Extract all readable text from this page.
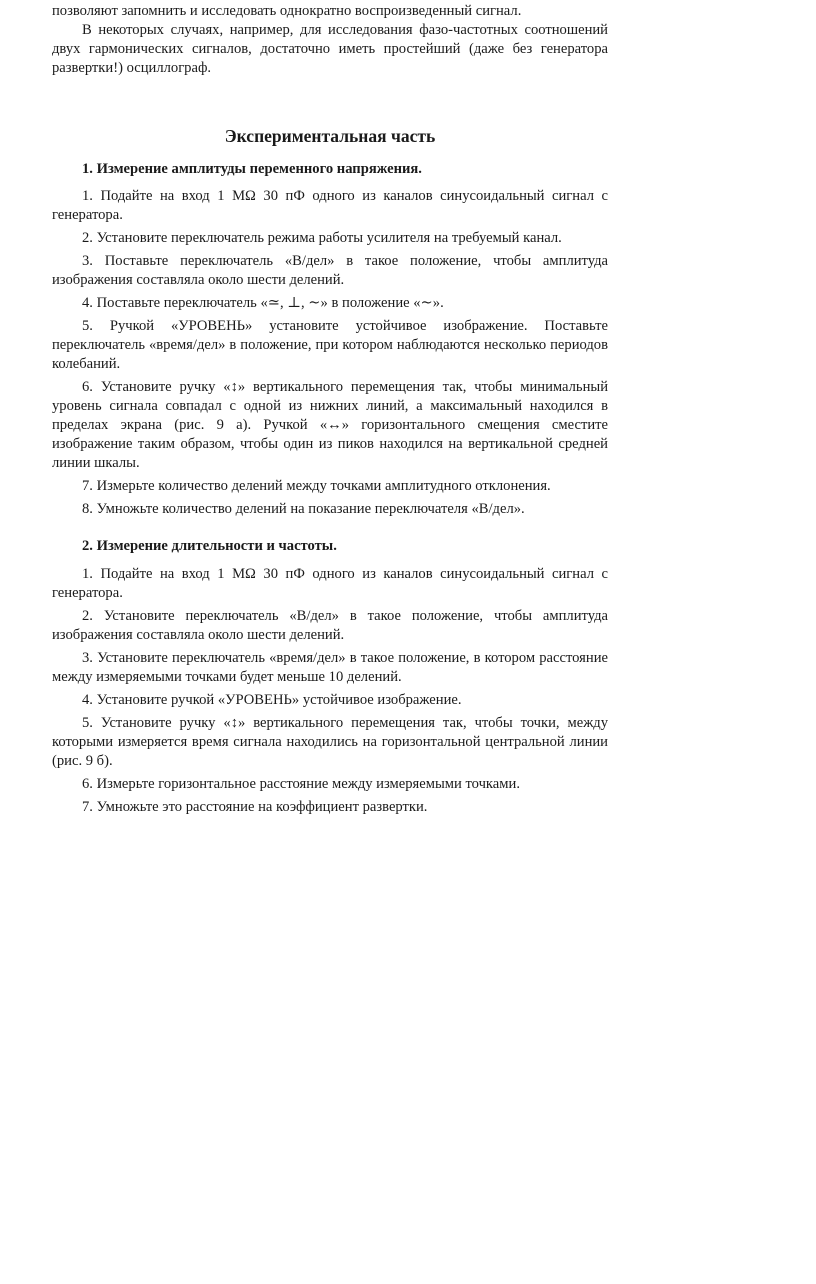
позволяют запомнить и исследовать однократно воспроизведенный сигнал.

В некоторых случаях, например, для исследования фазо-частотных соотношений двух гармонических сигналов, достаточно иметь простейший (даже без генератора развертки!) осциллограф.

Экспериментальная часть
1. Измерение амплитуды переменного напряжения.

1. Подайте на вход 1 MΩ 30 пФ одного из каналов синусоидальный сигнал с генератора.

2. Установите переключатель режима работы усилителя на требуемый канал.

3. Поставьте переключатель «В/дел» в такое положение, чтобы амплитуда изображения составляла около шести делений.

4. Поставьте переключатель «≃, ⊥, ∼» в положение «∼».

5. Ручкой «УРОВЕНЬ» установите устойчивое изображение. Поставьте переключатель «время/дел» в положение, при котором наблюдаются несколько периодов колебаний.

6. Установите ручку «↕» вертикального перемещения так, чтобы минимальный уровень сигнала совпадал с одной из нижних линий, а максимальный находился в пределах экрана (рис. 9 а). Ручкой «↔» горизонтального смещения сместите изображение таким образом, чтобы один из пиков находился на вертикальной средней линии шкалы.

7. Измерьте количество делений между точками амплитудного отклонения.

8. Умножьте количество делений на показание переключателя «В/дел».

2. Измерение длительности и частоты.

1. Подайте на вход 1 MΩ 30 пФ одного из каналов синусоидальный сигнал с генератора.

2. Установите переключатель «В/дел» в такое положение, чтобы амплитуда изображения составляла около шести делений.

3. Установите переключатель «время/дел» в такое положение, в котором расстояние между измеряемыми точками будет меньше 10 делений.

4. Установите ручкой «УРОВЕНЬ» устойчивое изображение.

5. Установите ручку «↕» вертикального перемещения так, чтобы точки, между которыми измеряется время сигнала находились на горизонтальной центральной линии (рис. 9 б).

6. Измерьте горизонтальное расстояние между измеряемыми точками.

7. Умножьте это расстояние на коэффициент развертки.
